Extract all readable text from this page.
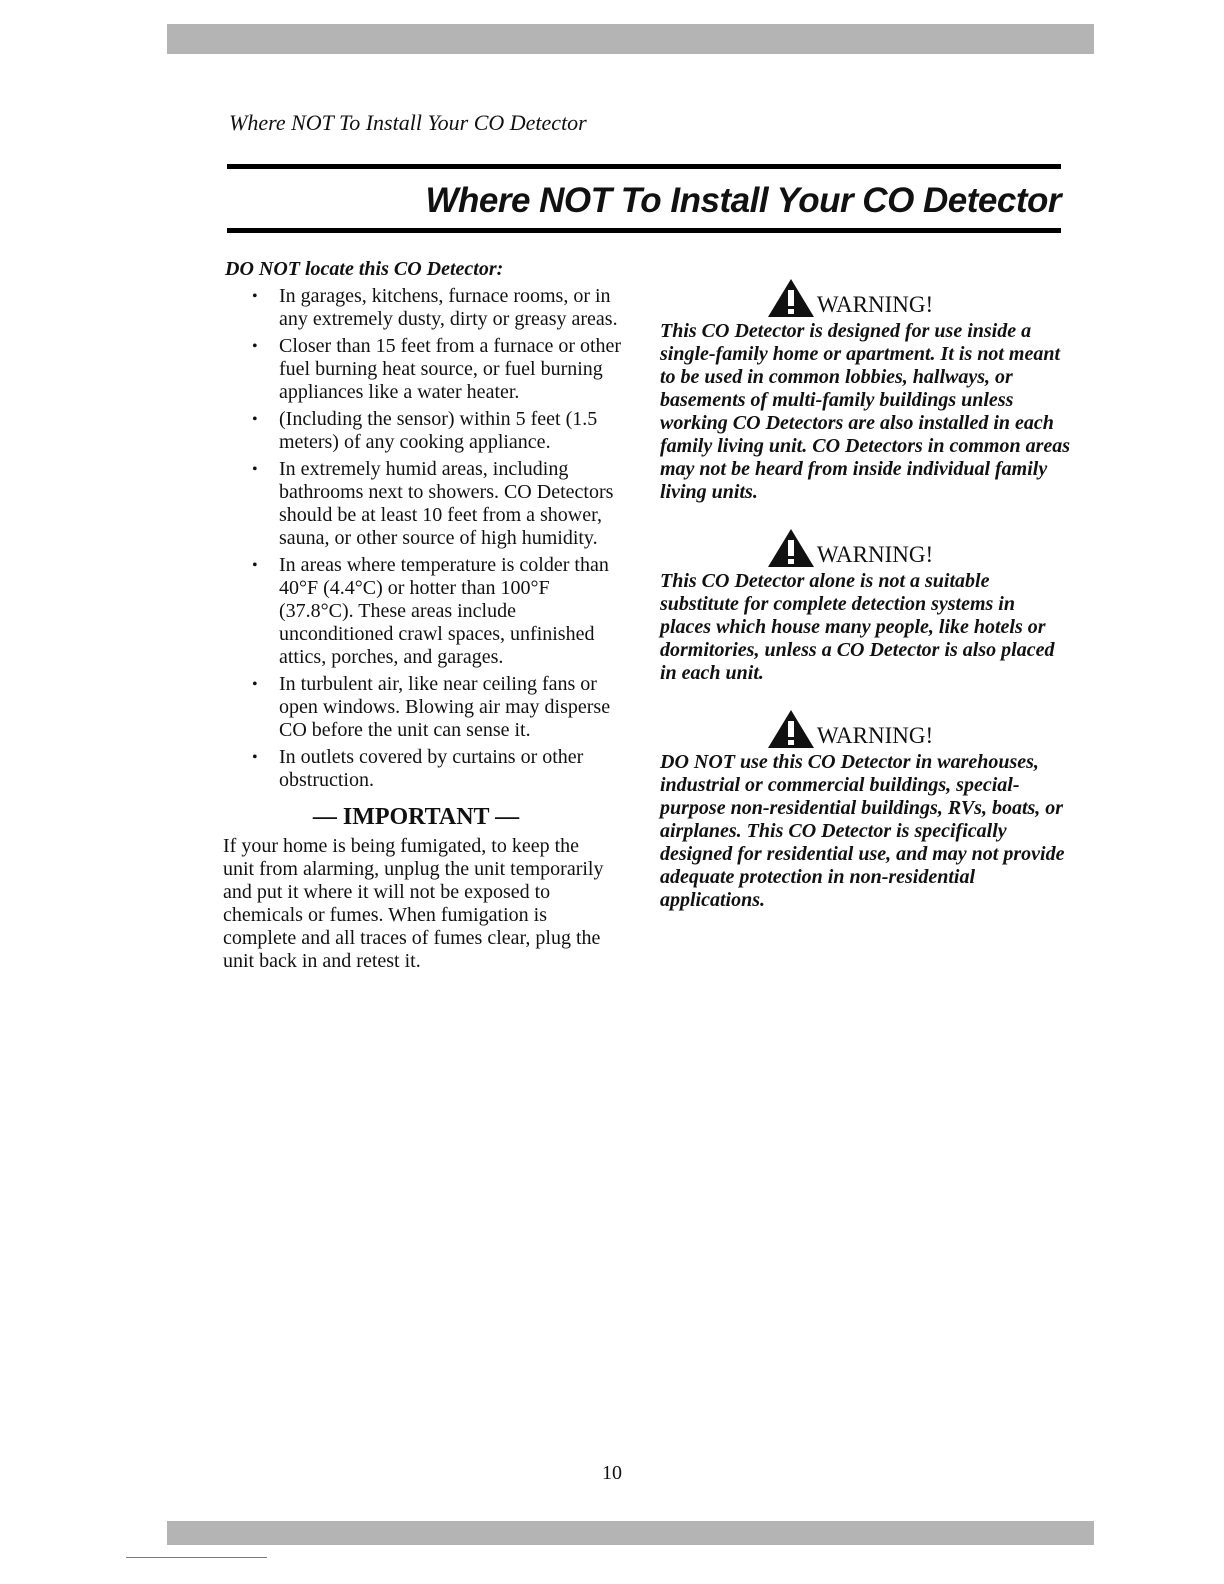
Where NOT To Install Your CO Detector
Where NOT To Install Your CO Detector
DO NOT locate this CO Detector:
• In garages, kitchens, furnace rooms, or in any extremely dusty, dirty or greasy areas.
• Closer than 15 feet from a furnace or other fuel burning heat source, or fuel burning appliances like a water heater.
• (Including the sensor) within 5 feet (1.5 meters) of any cooking appliance.
• In extremely humid areas, including bathrooms next to showers. CO Detectors should be at least 10 feet from a shower, sauna, or other source of high humidity.
• In areas where temperature is colder than 40°F (4.4°C) or hotter than 100°F (37.8°C). These areas include unconditioned crawl spaces, unfinished attics, porches, and garages.
• In turbulent air, like near ceiling fans or open windows. Blowing air may disperse CO before the unit can sense it.
• In outlets covered by curtains or other obstruction.
— IMPORTANT —
If your home is being fumigated, to keep the unit from alarming, unplug the unit temporarily and put it where it will not be exposed to chemicals or fumes. When fumigation is complete and all traces of fumes clear, plug the unit back in and retest it.
WARNING!
This CO Detector is designed for use inside a single-family home or apartment. It is not meant to be used in common lobbies, hallways, or basements of multi-family buildings unless working CO Detectors are also installed in each family living unit. CO Detectors in common areas may not be heard from inside individual family living units.
WARNING!
This CO Detector alone is not a suitable substitute for complete detection systems in places which house many people, like hotels or dormitories, unless a CO Detector is also placed in each unit.
WARNING!
DO NOT use this CO Detector in warehouses, industrial or commercial buildings, special-purpose non-residential buildings, RVs, boats, or airplanes. This CO Detector is specifically designed for residential use, and may not provide adequate protection in non-residential applications.
10
